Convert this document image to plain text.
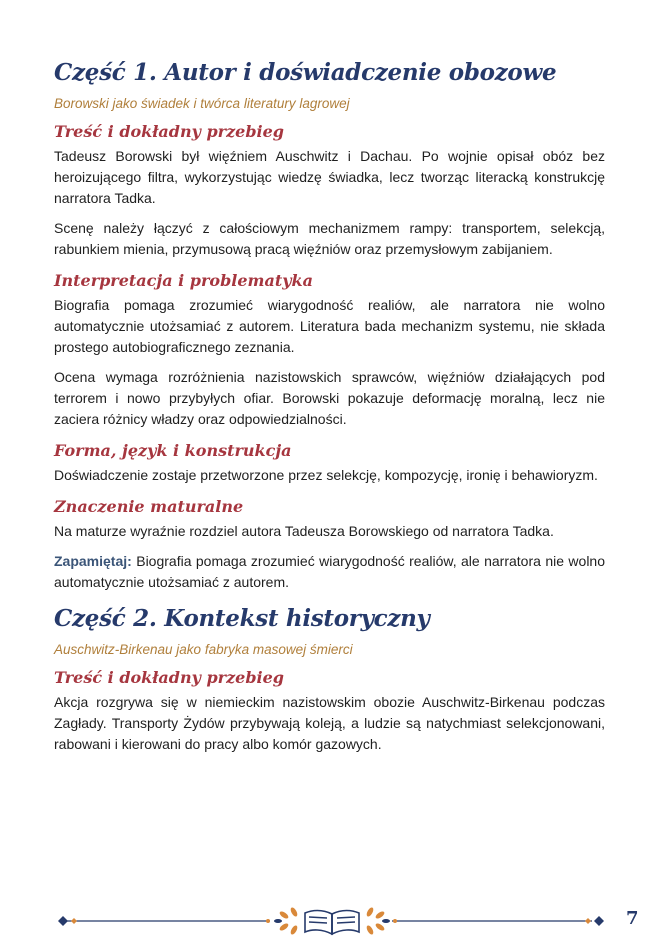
Część 1. Autor i doświadczenie obozowe
Borowski jako świadek i twórca literatury lagrowej
Treść i dokładny przebieg

Tadeusz Borowski był więźniem Auschwitz i Dachau. Po wojnie opisał obóz bez heroizującego filtra, wykorzystując wiedzę świadka, lecz tworząc literacką konstrukcję narratora Tadka.

Scenę należy łączyć z całościowym mechanizmem rampy: transportem, selekcją, rabunkiem mienia, przymusową pracą więźniów oraz przemysłowym zabijaniem.

Interpretacja i problematyka

Biografia pomaga zrozumieć wiarygodność realiów, ale narratora nie wolno automatycznie utożsamiać z autorem. Literatura bada mechanizm systemu, nie składa prostego autobiograficznego zeznania.

Ocena wymaga rozróżnienia nazistowskich sprawców, więźniów działających pod terrorem i nowo przybyłych ofiar. Borowski pokazuje deformację moralną, lecz nie zaciera różnicy władzy oraz odpowiedzialności.

Forma, język i konstrukcja

Doświadczenie zostaje przetworzone przez selekcję, kompozycję, ironię i behawioryzm.

Znaczenie maturalne

Na maturze wyraźnie rozdziel autora Tadeusza Borowskiego od narratora Tadka.

Zapamiętaj: Biografia pomaga zrozumieć wiarygodność realiów, ale narratora nie wolno automatycznie utożsamiać z autorem.

Część 2. Kontekst historyczny
Auschwitz-Birkenau jako fabryka masowej śmierci
Treść i dokładny przebieg

Akcja rozgrywa się w niemieckim nazistowskim obozie Auschwitz-Birkenau podczas Zagłady. Transporty Żydów przybywają koleją, a ludzie są natychmiast selekcjonowani, rabowani i kierowani do pracy albo komór gazowych.

7
